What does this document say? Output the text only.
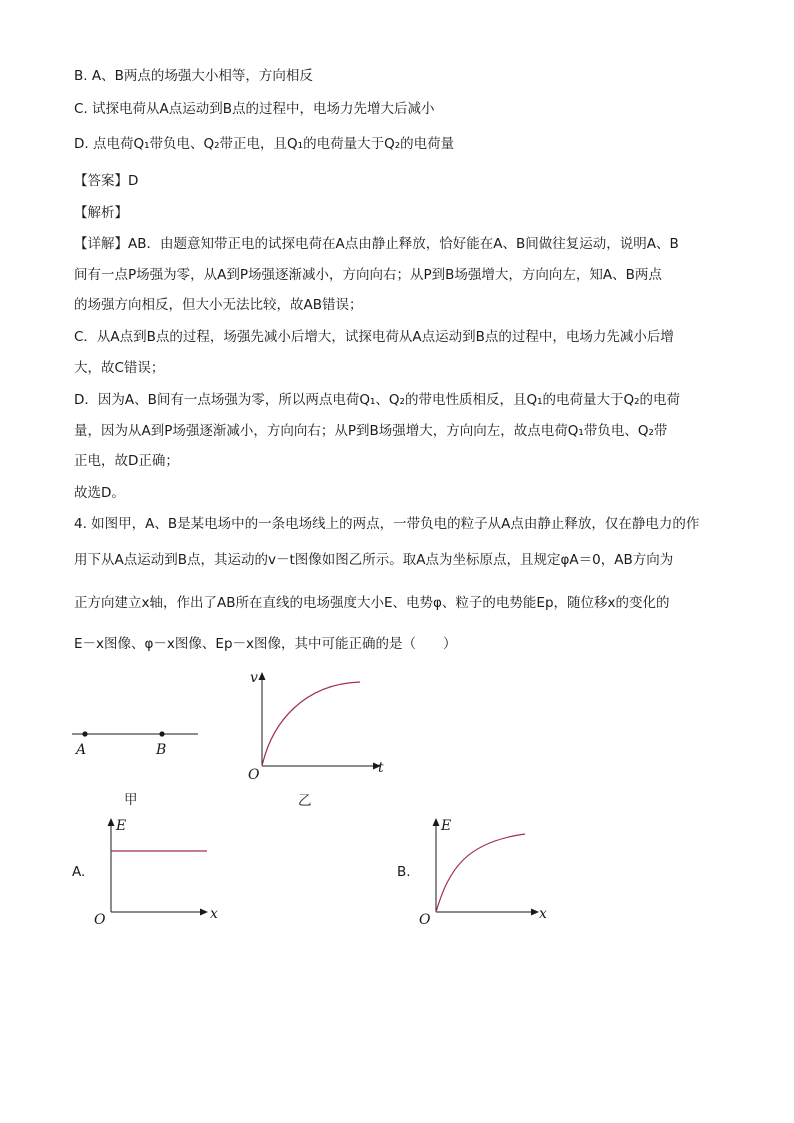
B. A、B两点的场强大小相等，方向相反
C. 试探电荷从A点运动到B点的过程中，电场力先增大后减小
D. 点电荷Q₁带负电、Q₂带正电，且Q₁的电荷量大于Q₂的电荷量
【答案】D
【解析】
【详解】AB．由题意知带正电的试探电荷在A点由静止释放，恰好能在A、B间做往复运动，说明A、B
间有一点P场强为零，从A到P场强逐渐减小，方向向右；从P到B场强增大，方向向左，知A、B两点
的场强方向相反，但大小无法比较，故AB错误；
C．从A点到B点的过程，场强先减小后增大，试探电荷从A点运动到B点的过程中，电场力先减小后增
大，故C错误；
D．因为A、B间有一点场强为零，所以两点电荷Q₁、Q₂的带电性质相反，且Q₁的电荷量大于Q₂的电荷
量，因为从A到P场强逐渐减小，方向向右；从P到B场强增大，方向向左，故点电荷Q₁带负电、Q₂带
正电，故D正确；
故选D。
4. 如图甲，A、B是某电场中的一条电场线上的两点，一带负电的粒子从A点由静止释放，仅在静电力的作
用下从A点运动到B点，其运动的v－t图像如图乙所示。取A点为坐标原点，且规定φA＝0，AB方向为
正方向建立x轴，作出了AB所在直线的电场强度大小E、电势φ、粒子的电势能Ep，随位移x的变化的
E－x图像、φ－x图像、Ep－x图像，其中可能正确的是（　　）
A	B
甲
v
t
O
乙
A.
E
x
O
B.
E
x
O
